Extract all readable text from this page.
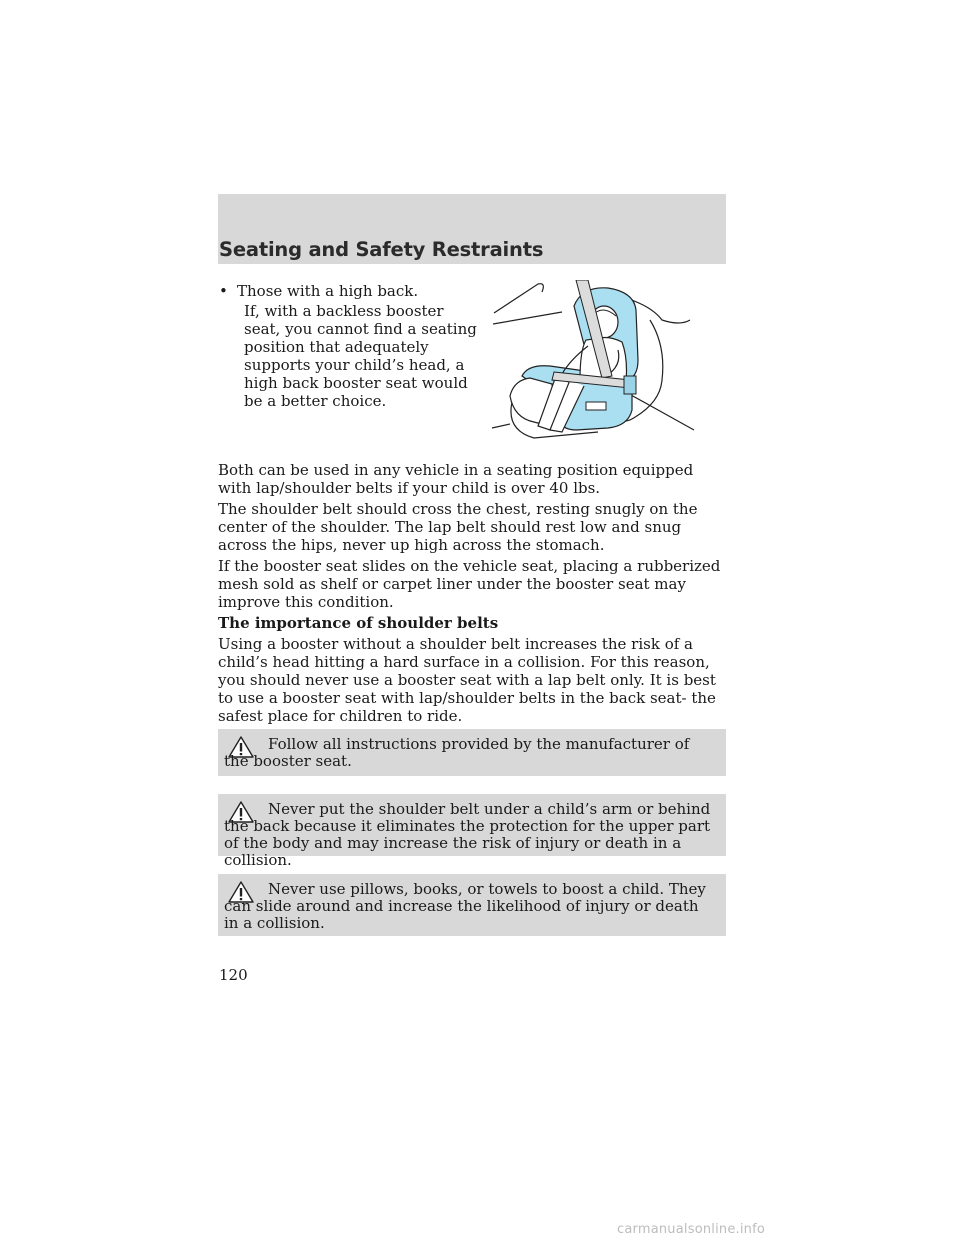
Seating and Safety Restraints
• Those with a high back.

If, with a backless booster seat, you cannot find a seating position that adequately supports your child’s head, a high back booster seat would be a better choice.

Both can be used in any vehicle in a seating position equipped with lap/shoulder belts if your child is over 40 lbs.

The shoulder belt should cross the chest, resting snugly on the center of the shoulder. The lap belt should rest low and snug across the hips, never up high across the stomach.

If the booster seat slides on the vehicle seat, placing a rubberized mesh sold as shelf or carpet liner under the booster seat may improve this condition.

The importance of shoulder belts

Using a booster without a shoulder belt increases the risk of a child’s head hitting a hard surface in a collision. For this reason, you should never use a booster seat with a lap belt only. It is best to use a booster seat with lap/shoulder belts in the back seat- the safest place for children to ride.

Follow all instructions provided by the manufacturer of the booster seat.

Never put the shoulder belt under a child’s arm or behind the back because it eliminates the protection for the upper part of the body and may increase the risk of injury or death in a collision.

Never use pillows, books, or towels to boost a child. They can slide around and increase the likelihood of injury or death in a collision.

120
carmanualsonline.info
